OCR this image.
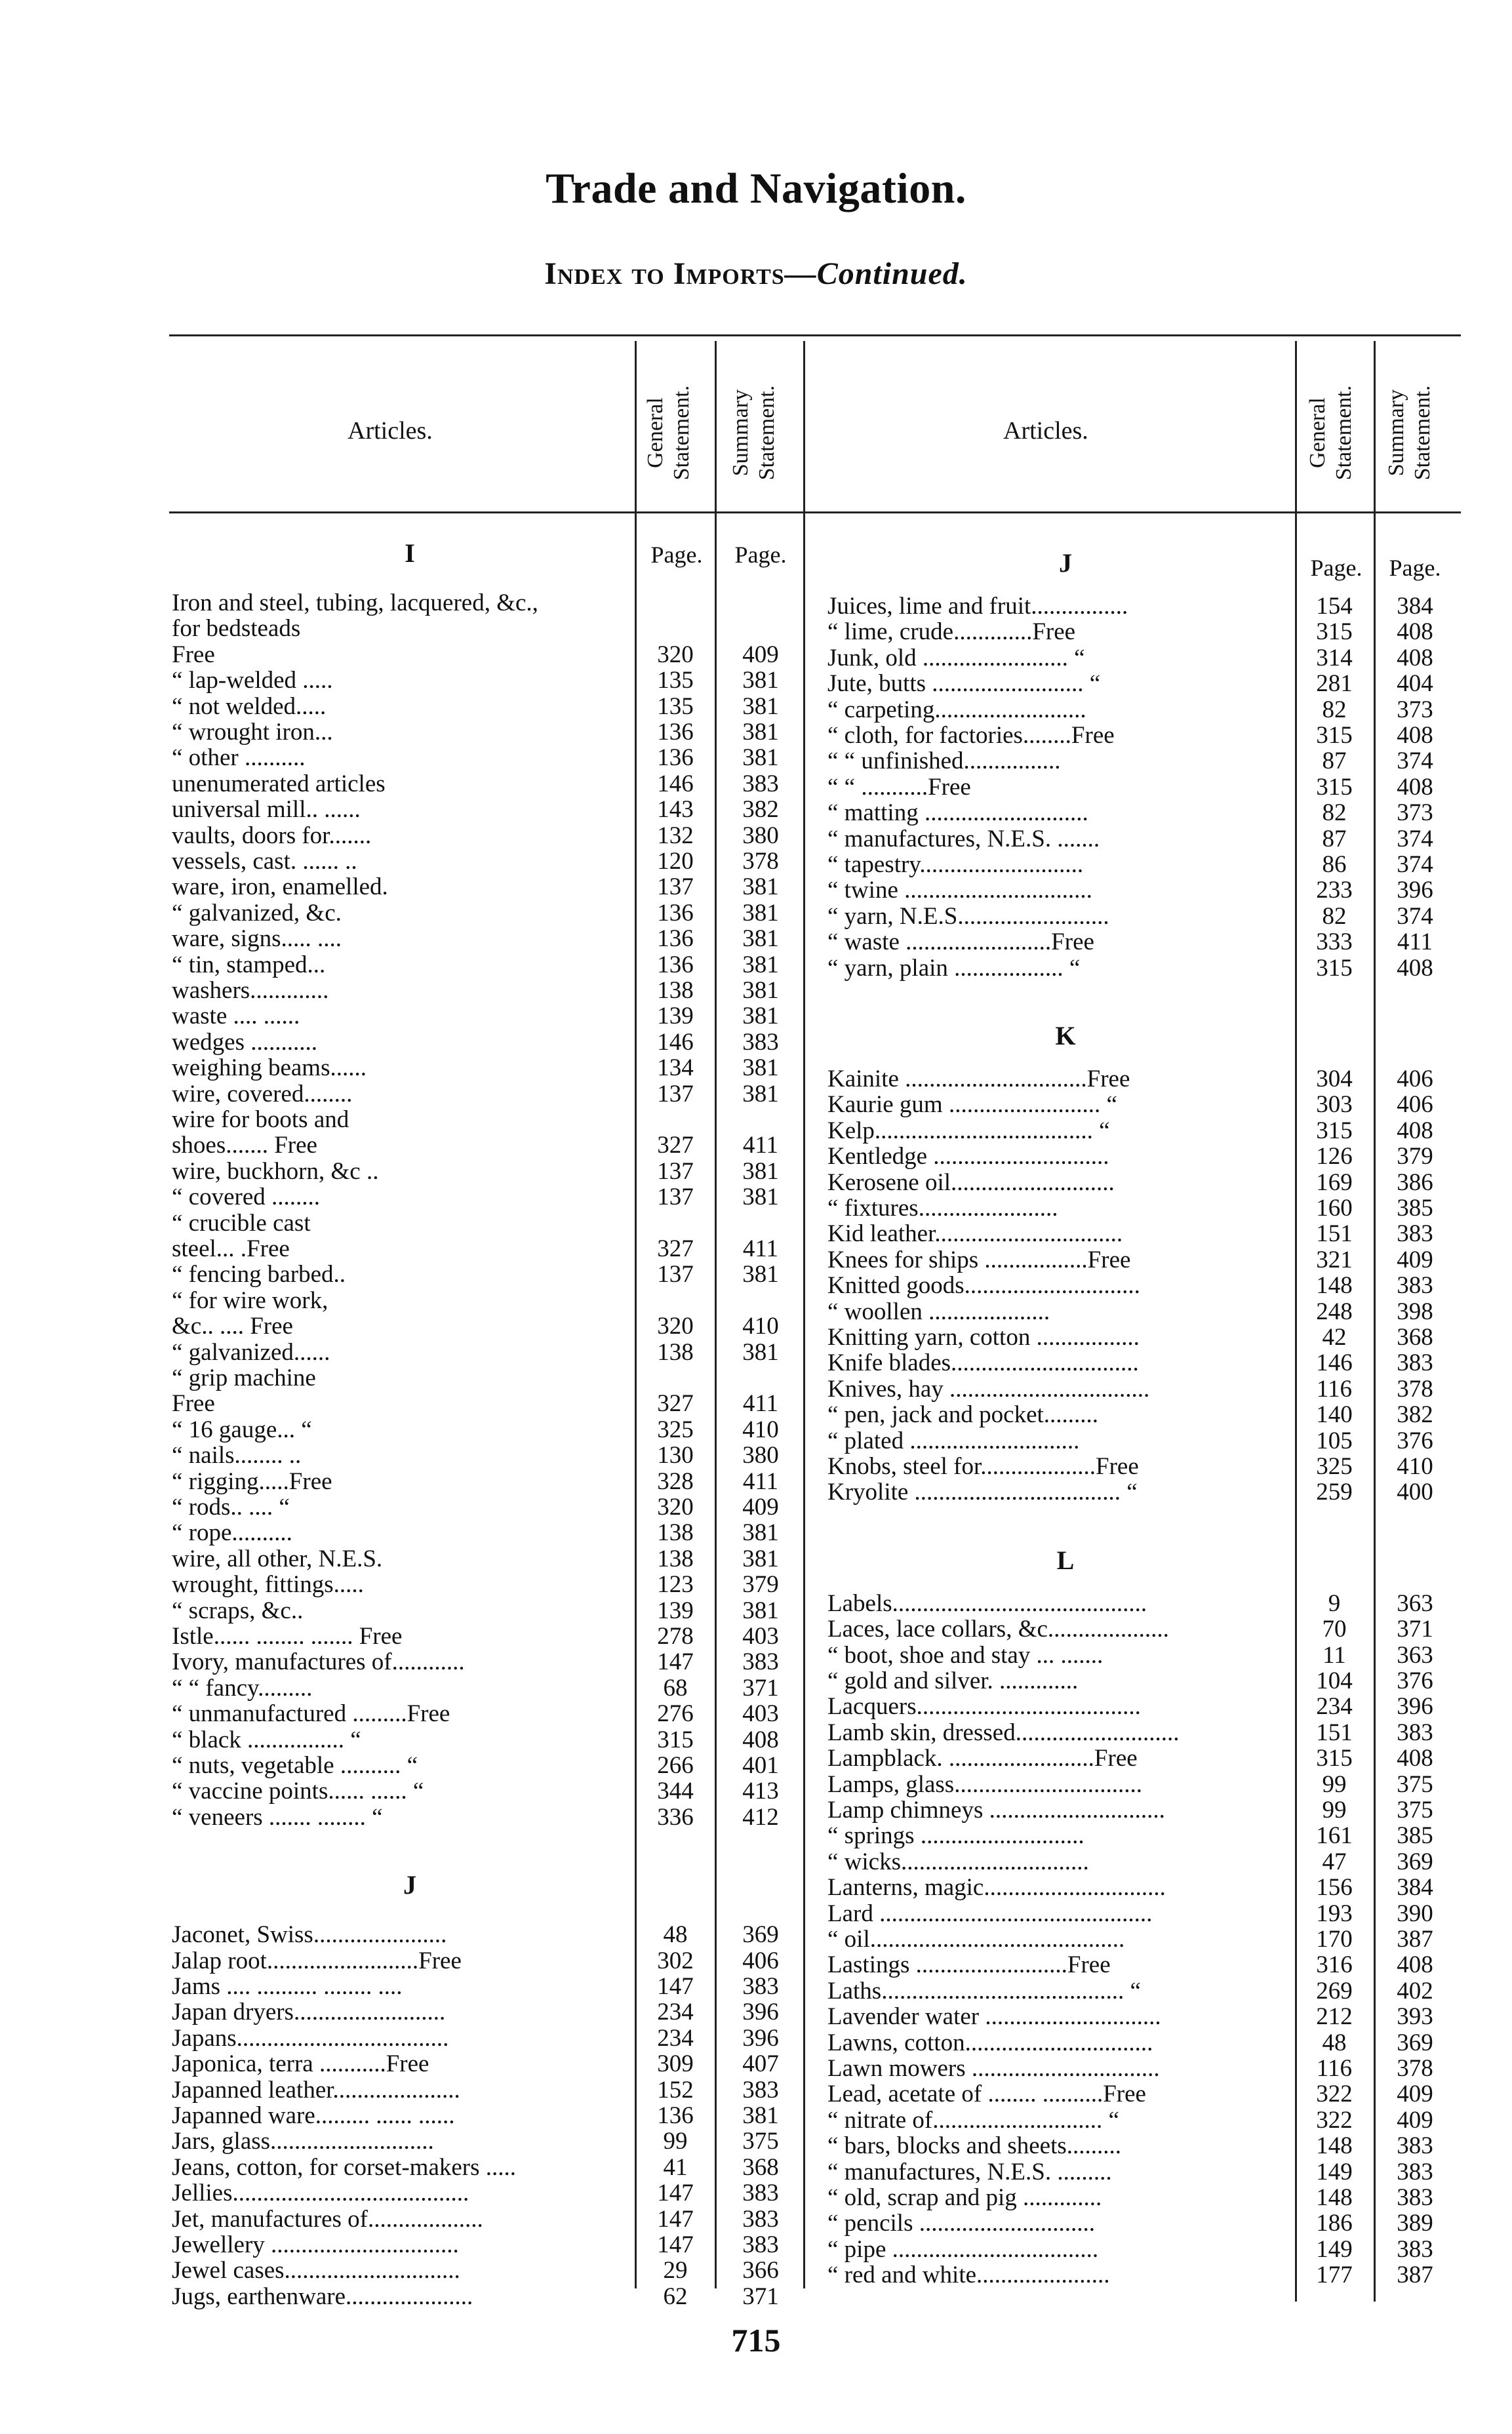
Trade and Navigation.
Index to Imports—Continued.
Articles.	General Statement. Summary Statement.	Articles.	General Statement. Summary Statement.
Page.	Page.	Page.	Page.
I
Iron and steel, tubing, lacquered, &c.,
for bedsteads
Free	320	409
“ lap-welded .....	135	381
“ not welded.....	135	381
“ wrought iron...	136	381
“ other ..........	136	381
unenumerated articles	146	383
universal mill.. ......	143	382
vaults, doors for.......	132	380
vessels, cast. ...... ..	120	378
ware, iron, enamelled.	137	381
“ galvanized, &c.	136	381
ware, signs..... ....	136	381
“ tin, stamped...	136	381
washers.............	138	381
waste .... ......	139	381
wedges ...........	146	383
weighing beams......	134	381
wire, covered........	137	381
wire for boots and
shoes....... Free	327	411
wire, buckhorn, &c ..	137	381
“ covered ........	137	381
“ crucible cast
steel... .Free	327	411
“ fencing barbed..	137	381
“ for wire work,
&c.. .... Free	320	410
“ galvanized......	138	381
“ grip machine
Free	327	411
“ 16 gauge... “	325	410
“ nails........ ..	130	380
“ rigging.....Free	328	411
“ rods.. .... “	320	409
“ rope..........	138	381
wire, all other, N.E.S.	138	381
wrought, fittings.....	123	379
“ scraps, &c..	139	381
Istle...... ........ ....... Free	278	403
Ivory, manufactures of............	147	383
“ “ fancy.........	68	371
“ unmanufactured .........Free	276	403
“ black ................ “	315	408
“ nuts, vegetable .......... “	266	401
“ vaccine points...... ...... “	344	413
“ veneers ....... ........ “	336	412
J
Jaconet, Swiss......................	48	369
Jalap root.........................Free	302	406
Jams .... .......... ........ ....	147	383
Japan dryers.........................	234	396
Japans...................................	234	396
Japonica, terra ...........Free	309	407
Japanned leather.....................	152	383
Japanned ware......... ...... ......	136	381
Jars, glass...........................	99	375
Jeans, cotton, for corset-makers .....	41	368
Jellies.......................................	147	383
Jet, manufactures of...................	147	383
Jewellery ...............................	147	383
Jewel cases.............................	29	366
Jugs, earthenware.....................	62	371
J
Juices, lime and fruit................	154	384
“ lime, crude.............Free	315	408
Junk, old ........................ “	314	408
Jute, butts ......................... “	281	404
“ carpeting.........................	82	373
“ cloth, for factories........Free	315	408
“ “ unfinished................	87	374
“ “ ...........Free	315	408
“ matting ...........................	82	373
“ manufactures, N.E.S. .......	87	374
“ tapestry...........................	86	374
“ twine ...............................	233	396
“ yarn, N.E.S.........................	82	374
“ waste ........................Free	333	411
“ yarn, plain .................. “	315	408
K
Kainite ..............................Free	304	406
Kaurie gum ......................... “	303	406
Kelp.................................... “	315	408
Kentledge .............................	126	379
Kerosene oil...........................	169	386
“ fixtures.......................	160	385
Kid leather...............................	151	383
Knees for ships .................Free	321	409
Knitted goods.............................	148	383
“ woollen ....................	248	398
Knitting yarn, cotton .................	42	368
Knife blades...............................	146	383
Knives, hay .................................	116	378
“ pen, jack and pocket.........	140	382
“ plated ............................	105	376
Knobs, steel for...................Free	325	410
Kryolite .................................. “	259	400
L
Labels..........................................	9	363
Laces, lace collars, &c....................	70	371
“ boot, shoe and stay ... .......	11	363
“ gold and silver. .............	104	376
Lacquers.....................................	234	396
Lamb skin, dressed...........................	151	383
Lampblack. ........................Free	315	408
Lamps, glass...............................	99	375
Lamp chimneys .............................	99	375
“ springs ...........................	161	385
“ wicks...............................	47	369
Lanterns, magic..............................	156	384
Lard .............................................	193	390
“ oil..........................................	170	387
Lastings .........................Free	316	408
Laths........................................ “	269	402
Lavender water .............................	212	393
Lawns, cotton...............................	48	369
Lawn mowers ...............................	116	378
Lead, acetate of ........ ..........Free	322	409
“ nitrate of............................ “	322	409
“ bars, blocks and sheets.........	148	383
“ manufactures, N.E.S. .........	149	383
“ old, scrap and pig .............	148	383
“ pencils .............................	186	389
“ pipe ..................................	149	383
“ red and white......................	177	387
715
